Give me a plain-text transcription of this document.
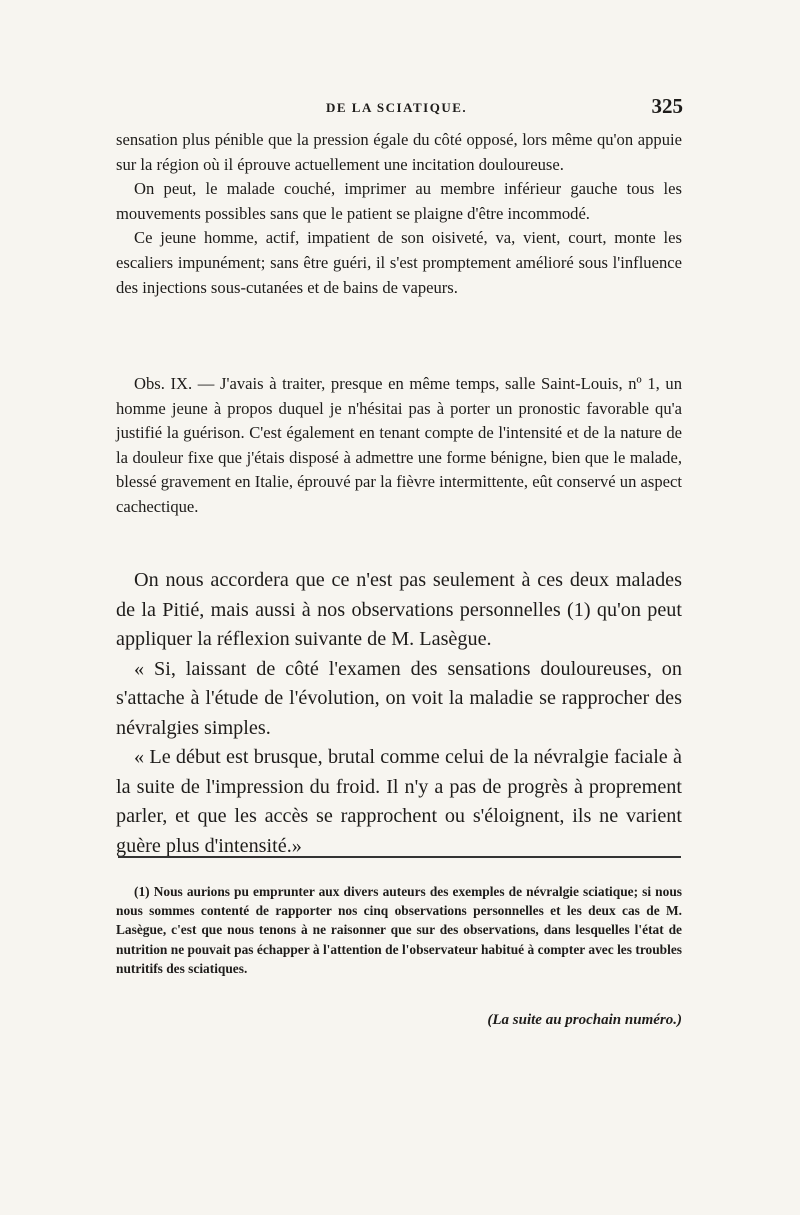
DE LA SCIATIQUE.	325

sensation plus pénible que la pression égale du côté opposé, lors même qu'on appuie sur la région où il éprouve actuellement une incitation douloureuse.

On peut, le malade couché, imprimer au membre inférieur gauche tous les mouvements possibles sans que le patient se plaigne d'être incommodé.

Ce jeune homme, actif, impatient de son oisiveté, va, vient, court, monte les escaliers impunément; sans être guéri, il s'est promptement amélioré sous l'influence des injections sous-cutanées et de bains de vapeurs.

Obs. IX. — J'avais à traiter, presque en même temps, salle Saint-Louis, nº 1, un homme jeune à propos duquel je n'hésitai pas à porter un pronostic favorable qu'a justifié la guérison. C'est également en tenant compte de l'intensité et de la nature de la douleur fixe que j'étais disposé à admettre une forme bénigne, bien que le malade, blessé gravement en Italie, éprouvé par la fièvre intermittente, eût conservé un aspect cachectique.

On nous accordera que ce n'est pas seulement à ces deux malades de la Pitié, mais aussi à nos observations personnelles (1) qu'on peut appliquer la réflexion suivante de M. Lasègue.

« Si, laissant de côté l'examen des sensations douloureuses, on s'attache à l'étude de l'évolution, on voit la maladie se rapprocher des névralgies simples.

« Le début est brusque, brutal comme celui de la névralgie faciale à la suite de l'impression du froid. Il n'y a pas de progrès à proprement parler, et que les accès se rapprochent ou s'éloignent, ils ne varient guère plus d'intensité.»

(1) Nous aurions pu emprunter aux divers auteurs des exemples de névralgie sciatique; si nous nous sommes contenté de rapporter nos cinq observations personnelles et les deux cas de M. Lasègue, c'est que nous tenons à ne raisonner que sur des observations, dans lesquelles l'état de nutrition ne pouvait pas échapper à l'attention de l'observateur habitué à compter avec les troubles nutritifs des sciatiques.

(La suite au prochain numéro.)
